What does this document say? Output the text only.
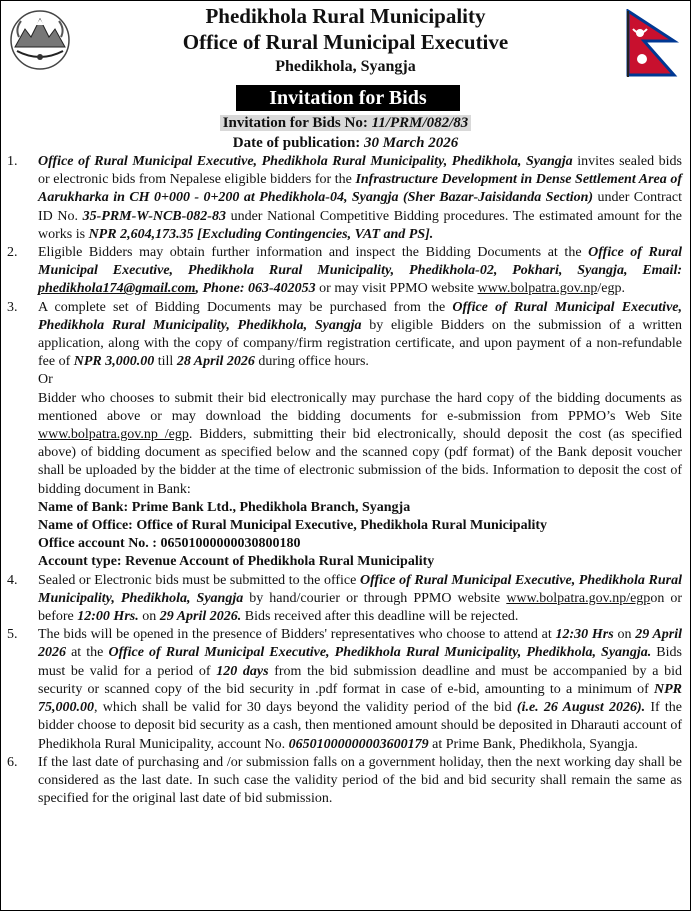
Phedikhola Rural Municipality
Office of Rural Municipal Executive
Phedikhola, Syangja
Invitation for Bids
Invitation for Bids No: 11/PRM/082/83
Date of publication: 30 March 2026
1.	Office of Rural Municipal Executive, Phedikhola Rural Municipality, Phedikhola, Syangja invites sealed bids or electronic bids from Nepalese eligible bidders for the Infrastructure Development in Dense Settlement Area of Aarukharka in CH 0+000 - 0+200 at Phedikhola-04, Syangja (Sher Bazar-Jaisidanda Section) under Contract ID No. 35-PRM-W-NCB-082-83 under National Competitive Bidding procedures. The estimated amount for the works is NPR 2,604,173.35 [Excluding Contingencies, VAT and PS].
2.	Eligible Bidders may obtain further information and inspect the Bidding Documents at the Office of Rural Municipal Executive, Phedikhola Rural Municipality, Phedikhola-02, Pokhari, Syangja, Email: phedikhola174@gmail.com, Phone: 063-402053 or may visit PPMO website www.bolpatra.gov.np/egp.
3.	A complete set of Bidding Documents may be purchased from the Office of Rural Municipal Executive, Phedikhola Rural Municipality, Phedikhola, Syangja by eligible Bidders on the submission of a written application, along with the copy of company/firm registration certificate, and upon payment of a non-refundable fee of NPR 3,000.00 till 28 April 2026 during office hours.
Or
Bidder who chooses to submit their bid electronically may purchase the hard copy of the bidding documents as mentioned above or may download the bidding documents for e-submission from PPMO’s Web Site www.bolpatra.gov.np /egp. Bidders, submitting their bid electronically, should deposit the cost (as specified above) of bidding document as specified below and the scanned copy (pdf format) of the Bank deposit voucher shall be uploaded by the bidder at the time of electronic submission of the bids. Information to deposit the cost of bidding document in Bank:
Name of Bank: Prime Bank Ltd., Phedikhola Branch, Syangja
Name of Office: Office of Rural Municipal Executive, Phedikhola Rural Municipality
Office account No. : 06501000000030800180
Account type: Revenue Account of Phedikhola Rural Municipality
4.	Sealed or Electronic bids must be submitted to the office Office of Rural Municipal Executive, Phedikhola Rural Municipality, Phedikhola, Syangja by hand/courier or through PPMO website www.bolpatra.gov.np/egpon or before 12:00 Hrs. on 29 April 2026. Bids received after this deadline will be rejected.
5.	The bids will be opened in the presence of Bidders' representatives who choose to attend at 12:30 Hrs on 29 April 2026 at the Office of Rural Municipal Executive, Phedikhola Rural Municipality, Phedikhola, Syangja. Bids must be valid for a period of 120 days from the bid submission deadline and must be accompanied by a bid security or scanned copy of the bid security in .pdf format in case of e-bid, amounting to a minimum of NPR 75,000.00, which shall be valid for 30 days beyond the validity period of the bid (i.e. 26 August 2026). If the bidder choose to deposit bid security as a cash, then mentioned amount should be deposited in Dharauti account of Phedikhola Rural Municipality, account No. 06501000000003600179 at Prime Bank, Phedikhola, Syangja.
6.	If the last date of purchasing and /or submission falls on a government holiday, then the next working day shall be considered as the last date. In such case the validity period of the bid and bid security shall remain the same as specified for the original last date of bid submission.
